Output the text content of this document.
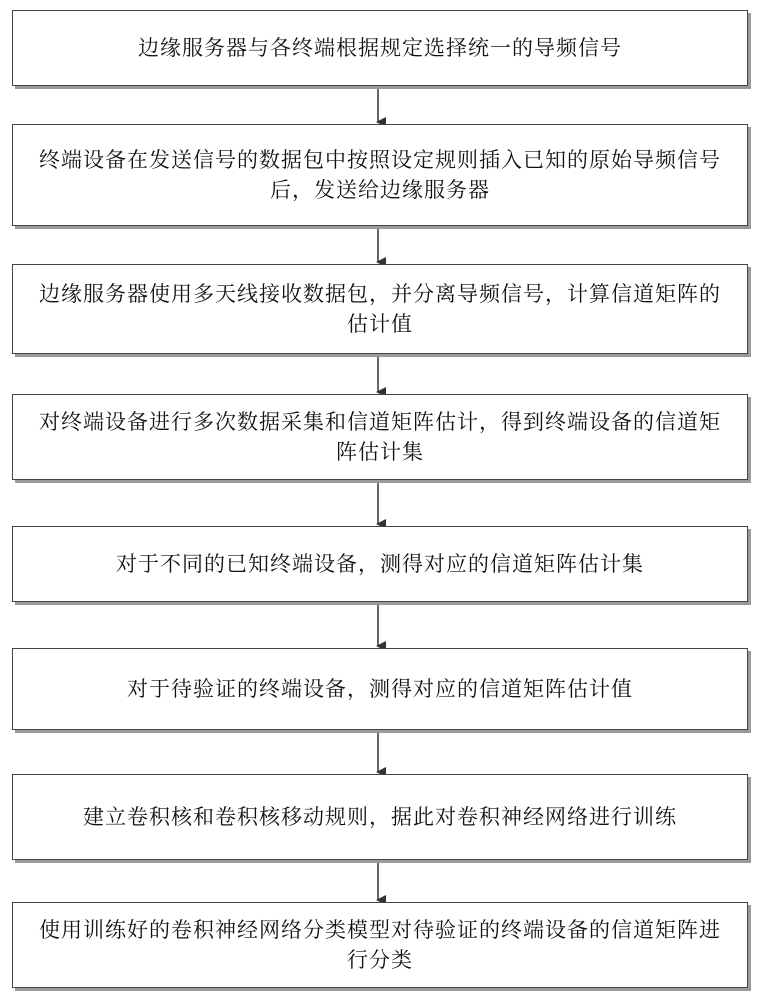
边缘服务器与各终端根据规定选择统一的导频信号
终端设备在发送信号的数据包中按照设定规则插入已知的原始导频信号后，发送给边缘服务器
边缘服务器使用多天线接收数据包，并分离导频信号，计算信道矩阵的估计值
对终端设备进行多次数据采集和信道矩阵估计，得到终端设备的信道矩阵估计集
对于不同的已知终端设备，测得对应的信道矩阵估计集
对于待验证的终端设备，测得对应的信道矩阵估计值
建立卷积核和卷积核移动规则，据此对卷积神经网络进行训练
使用训练好的卷积神经网络分类模型对待验证的终端设备的信道矩阵进行分类
